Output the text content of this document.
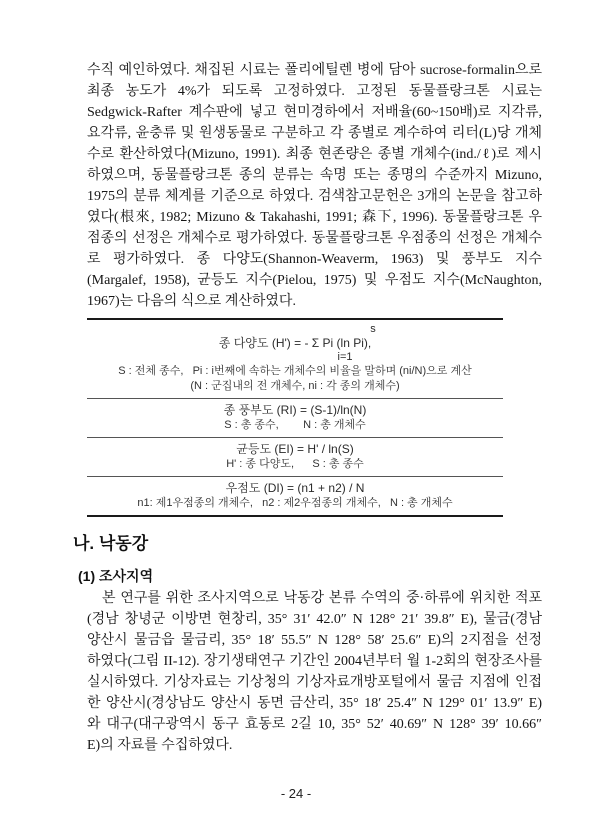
수직 예인하였다. 채집된 시료는 폴리에틸렌 병에 담아 sucrose-formalin으로
최종 농도가 4%가 되도록 고정하였다. 고정된 동물플랑크톤 시료는
Sedgwick-Rafter 계수판에 넣고 현미경하에서 저배율(60~150배)로 지각류,
요각류, 윤충류 및 원생동물로 구분하고 각 종별로 계수하여 리터(L)당 개체
수로 환산하였다(Mizuno, 1991). 최종 현존량은 종별 개체수(ind./ℓ)로 제시
하였으며, 동물플랑크톤 종의 분류는 속명 또는 종명의 수준까지 Mizuno,
1975의 분류 체계를 기준으로 하였다. 검색참고문헌은 3개의 논문을 참고하
였다(根來, 1982; Mizuno & Takahashi, 1991; 森下, 1996). 동물플랑크톤 우
점종의 선정은 개체수로 평가하였다. 동물플랑크톤 우점종의 선정은 개체수
로 평가하였다. 종 다양도(Shannon-Weaverm, 1963) 및 풍부도 지수
(Margalef, 1958), 균등도 지수(Pielou, 1975) 및 우점도 지수(McNaughton,
1967)는 다음의 식으로 계산하였다.
s
종 다양도 (H') = - Σ Pi (ln Pi),
i=1
S : 전체 종수,   Pi : i번째에 속하는 개체수의 비율을 말하며 (ni/N)으로 계산
(N : 군집내의 전 개체수, ni : 각 종의 개체수)
종 풍부도 (RI) = (S-1)/ln(N)
S : 총 종수,        N : 총 개체수
균등도 (EI) = H' / ln(S)
H' : 종 다양도,      S : 총 종수
우점도 (DI) = (n1 + n2) / N
n1: 제1우점종의 개체수,   n2 : 제2우점종의 개체수,   N : 총 개체수
나. 낙동강
(1) 조사지역
본 연구를 위한 조사지역으로 낙동강 본류 수역의 중·하류에 위치한 적포
(경남 창녕군 이방면 현창리, 35° 31′ 42.0″ N 128° 21′ 39.8″ E), 물금(경남
양산시 물금읍 물금리, 35° 18′ 55.5″ N 128° 58′ 25.6″ E)의 2지점을 선정
하였다(그림 II-12). 장기생태연구 기간인 2004년부터 월 1-2회의 현장조사를
실시하였다. 기상자료는 기상청의 기상자료개방포털에서 물금 지점에 인접
한 양산시(경상남도 양산시 동면 금산리, 35° 18′ 25.4″ N 129° 01′ 13.9″ E)
와 대구(대구광역시 동구 효동로 2길 10, 35° 52′ 40.69″ N 128° 39′ 10.66″
E)의 자료를 수집하였다.
- 24 -
